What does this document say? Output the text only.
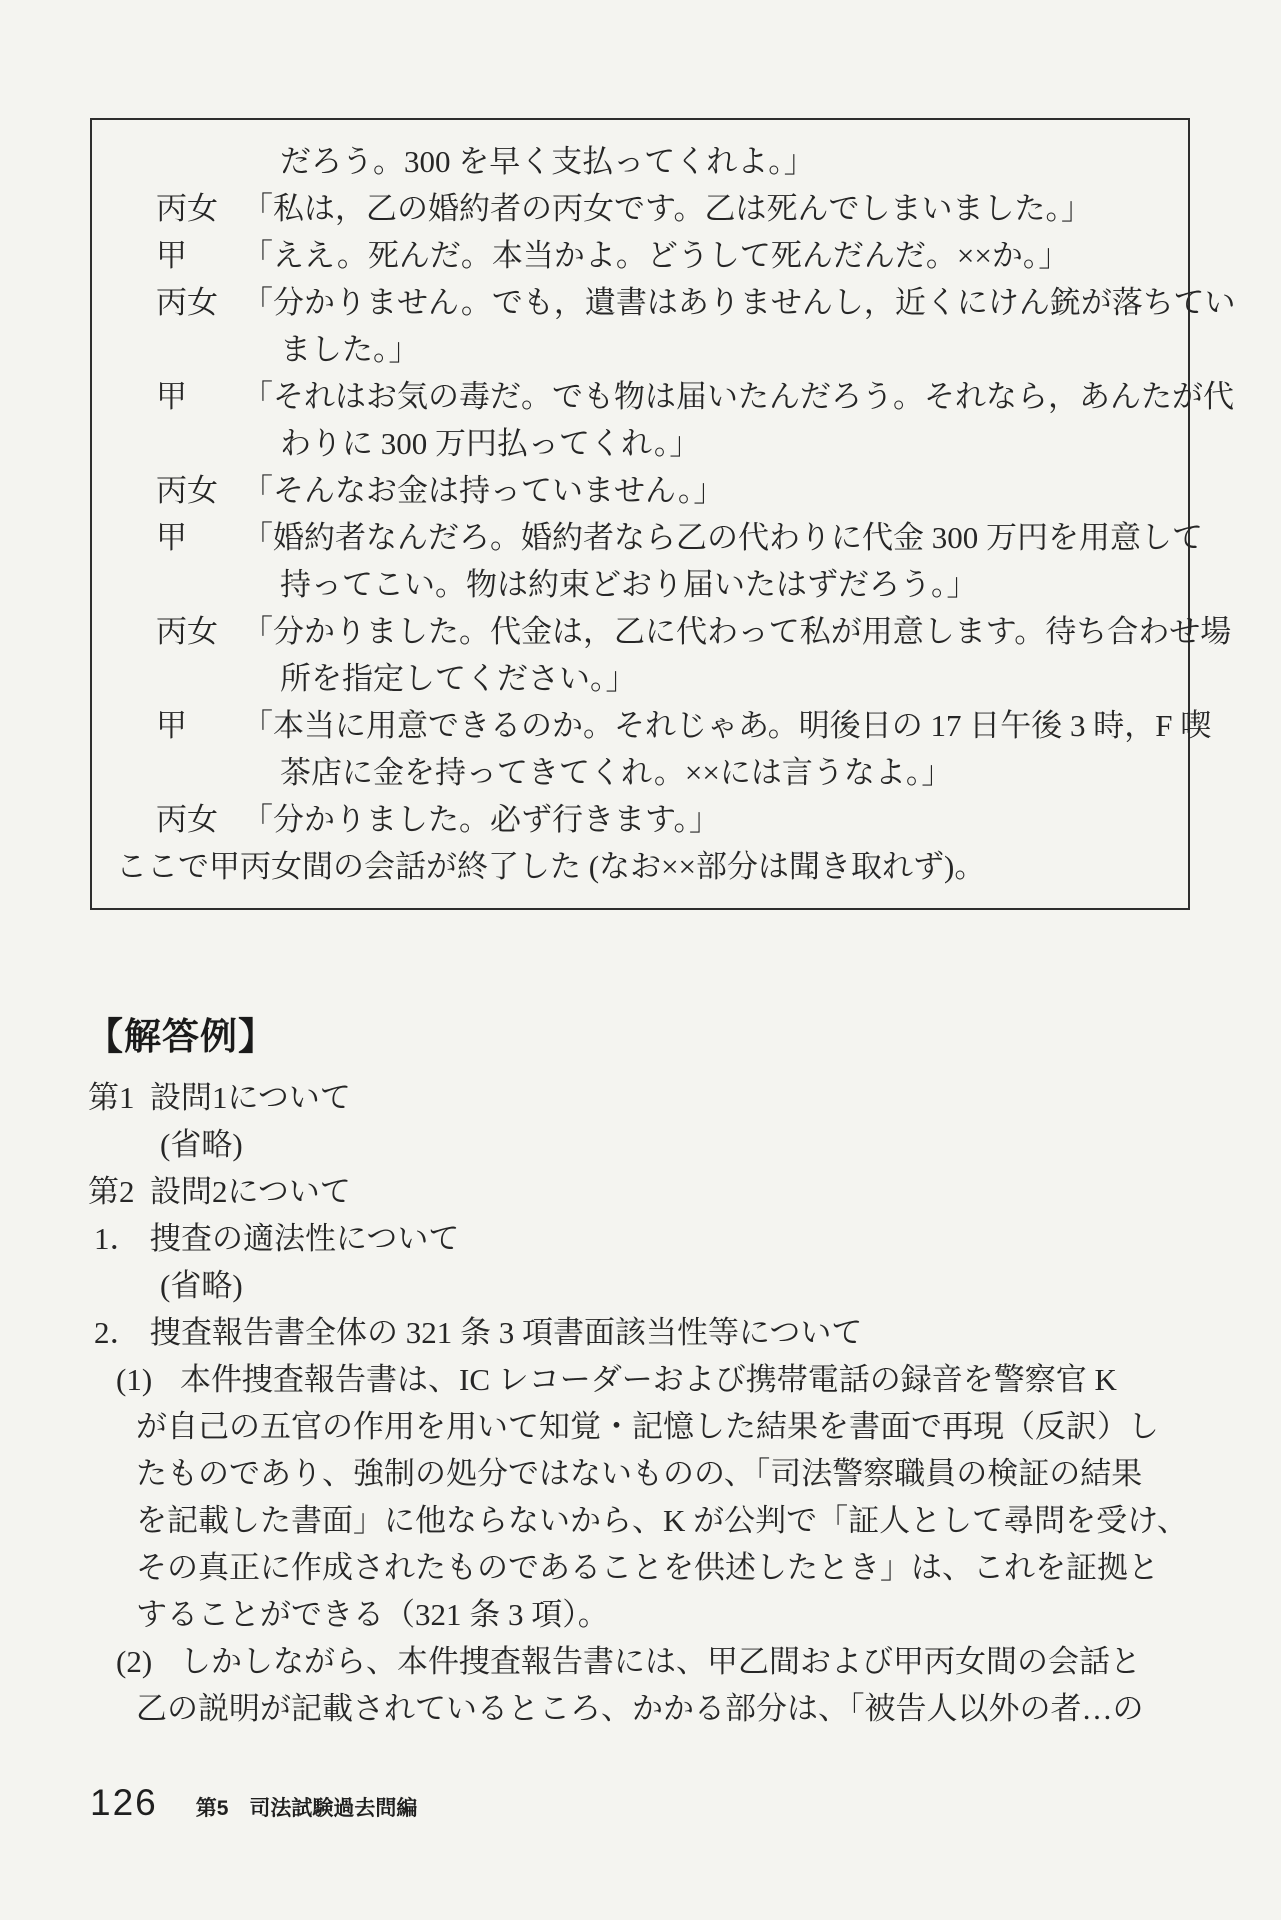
だろう。300 を早く支払ってくれよ。」
丙女 「私は，乙の婚約者の丙女です。乙は死んでしまいました。」
甲 「ええ。死んだ。本当かよ。どうして死んだんだ。××か。」
丙女 「分かりません。でも，遺書はありませんし，近くにけん銃が落ちてい
ました。」
甲 「それはお気の毒だ。でも物は届いたんだろう。それなら，あんたが代
わりに 300 万円払ってくれ。」
丙女 「そんなお金は持っていません。」
甲 「婚約者なんだろ。婚約者なら乙の代わりに代金 300 万円を用意して
持ってこい。物は約束どおり届いたはずだろう。」
丙女 「分かりました。代金は，乙に代わって私が用意します。待ち合わせ場
所を指定してください。」
甲 「本当に用意できるのか。それじゃあ。明後日の 17 日午後 3 時，F 喫
茶店に金を持ってきてくれ。××には言うなよ。」
丙女 「分かりました。必ず行きます。」
ここで甲丙女間の会話が終了した (なお××部分は聞き取れず)。
【解答例】
第1 設問1について
(省略)
第2 設問2について
1． 捜査の適法性について
(省略)
2． 捜査報告書全体の 321 条 3 項書面該当性等について
(1) 本件捜査報告書は、IC レコーダーおよび携帯電話の録音を警察官 K
が自己の五官の作用を用いて知覚・記憶した結果を書面で再現（反訳）し
たものであり、強制の処分ではないものの、「司法警察職員の検証の結果
を記載した書面」に他ならないから、K が公判で「証人として尋問を受け、
その真正に作成されたものであることを供述したとき」は、これを証拠と
することができる（321 条 3 項）。
(2) しかしながら、本件捜査報告書には、甲乙間および甲丙女間の会話と
乙の説明が記載されているところ、かかる部分は、「被告人以外の者…の
126 第5　司法試験過去問編
